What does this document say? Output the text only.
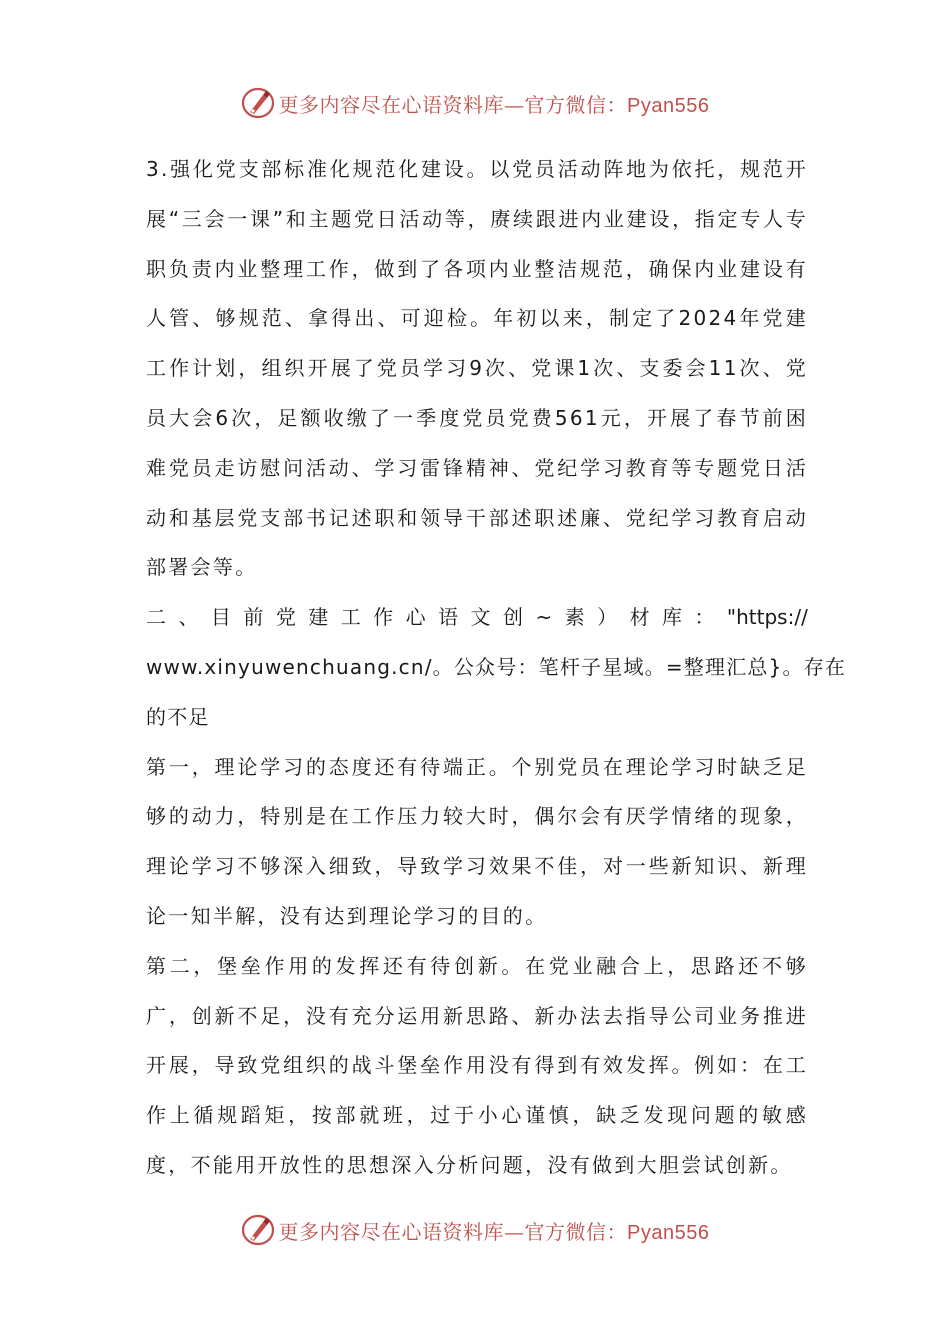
更多内容尽在心语资料库—官方微信：Pyan556

3.强化党支部标准化规范化建设。以党员活动阵地为依托，规范开展“三会一课”和主题党日活动等，赓续跟进内业建设，指定专人专职负责内业整理工作，做到了各项内业整洁规范，确保内业建设有人管、够规范、拿得出、可迎检。年初以来，制定了2024年党建工作计划，组织开展了党员学习9次、党课1次、支委会11次、党员大会6次，足额收缴了一季度党员党费561元，开展了春节前困难党员走访慰问活动、学习雷锋精神、党纪学习教育等专题党日活动和基层党支部书记述职和领导干部述职述廉、党纪学习教育启动部署会等。

二 、 目 前 党 建 工 作 心 语 文 创 ~ 素 ） 材 库 ： "https://

www.xinyuwenchuang.cn/。公众号：笔杆子星域。=整理汇总}。存在

的不足

第一，理论学习的态度还有待端正。个别党员在理论学习时缺乏足够的动力，特别是在工作压力较大时，偶尔会有厌学情绪的现象，理论学习不够深入细致，导致学习效果不佳，对一些新知识、新理论一知半解，没有达到理论学习的目的。

第二，堡垒作用的发挥还有待创新。在党业融合上，思路还不够广，创新不足，没有充分运用新思路、新办法去指导公司业务推进开展，导致党组织的战斗堡垒作用没有得到有效发挥。例如：在工作上循规蹈矩，按部就班，过于小心谨慎，缺乏发现问题的敏感度，不能用开放性的思想深入分析问题，没有做到大胆尝试创新。

更多内容尽在心语资料库—官方微信：Pyan556
